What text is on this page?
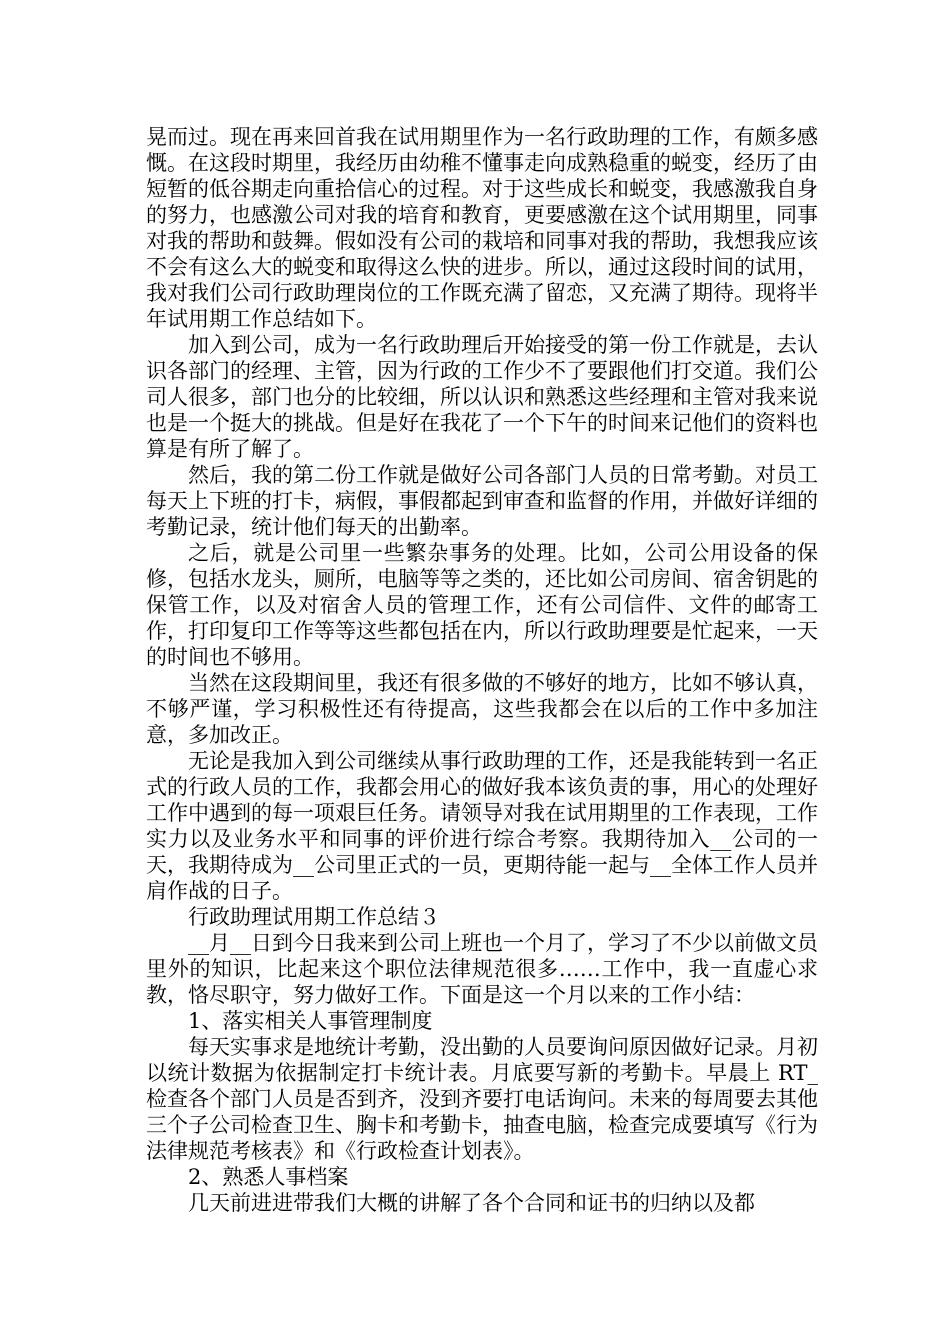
晃而过。现在再来回首我在试用期里作为一名行政助理的工作，有颇多感慨。在这段时期里，我经历由幼稚不懂事走向成熟稳重的蜕变，经历了由短暂的低谷期走向重拾信心的过程。对于这些成长和蜕变，我感激我自身的努力，也感激公司对我的培育和教育，更要感激在这个试用期里，同事对我的帮助和鼓舞。假如没有公司的栽培和同事对我的帮助，我想我应该不会有这么大的蜕变和取得这么快的进步。所以，通过这段时间的试用，我对我们公司行政助理岗位的工作既充满了留恋，又充满了期待。现将半年试用期工作总结如下。

加入到公司，成为一名行政助理后开始接受的第一份工作就是，去认识各部门的经理、主管，因为行政的工作少不了要跟他们打交道。我们公司人很多，部门也分的比较细，所以认识和熟悉这些经理和主管对我来说也是一个挺大的挑战。但是好在我花了一个下午的时间来记他们的资料也算是有所了解了。

然后，我的第二份工作就是做好公司各部门人员的日常考勤。对员工每天上下班的打卡，病假，事假都起到审查和监督的作用，并做好详细的考勤记录，统计他们每天的出勤率。

之后，就是公司里一些繁杂事务的处理。比如，公司公用设备的保修，包括水龙头，厕所，电脑等等之类的，还比如公司房间、宿舍钥匙的保管工作，以及对宿舍人员的管理工作，还有公司信件、文件的邮寄工作，打印复印工作等等这些都包括在内，所以行政助理要是忙起来，一天的时间也不够用。

当然在这段期间里，我还有很多做的不够好的地方，比如不够认真，不够严谨，学习积极性还有待提高，这些我都会在以后的工作中多加注意，多加改正。

无论是我加入到公司继续从事行政助理的工作，还是我能转到一名正式的行政人员的工作，我都会用心的做好我本该负责的事，用心的处理好工作中遇到的每一项艰巨任务。请领导对我在试用期里的工作表现，工作实力以及业务水平和同事的评价进行综合考察。我期待加入__公司的一天，我期待成为__公司里正式的一员，更期待能一起与__全体工作人员并肩作战的日子。

行政助理试用期工作总结３

__月__日到今日我来到公司上班也一个月了，学习了不少以前做文员里外的知识，比起来这个职位法律规范很多……工作中，我一直虚心求教，恪尽职守，努力做好工作。下面是这一个月以来的工作小结：

1、落实相关人事管理制度

每天实事求是地统计考勤，没出勤的人员要询问原因做好记录。月初以统计数据为依据制定打卡统计表。月底要写新的考勤卡。早晨上 RT_检查各个部门人员是否到齐，没到齐要打电话询问。未来的每周要去其他三个子公司检查卫生、胸卡和考勤卡，抽查电脑，检查完成要填写《行为法律规范考核表》和《行政检查计划表》。

2、熟悉人事档案

几天前进进带我们大概的讲解了各个合同和证书的归纳以及都
